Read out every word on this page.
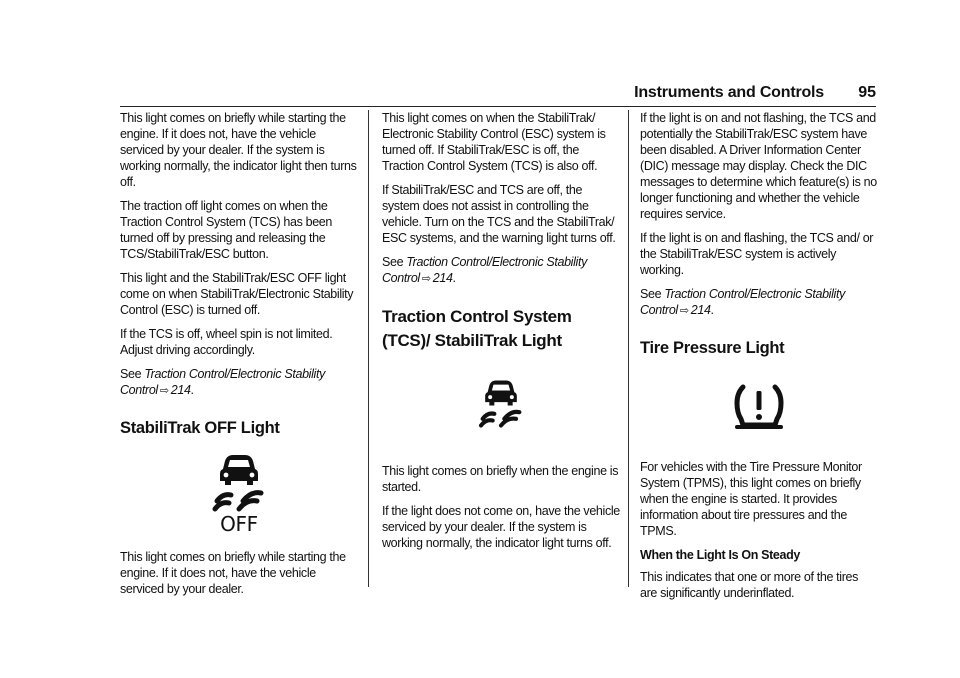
Instruments and Controls 95

This light comes on briefly while starting the engine. If it does not, have the vehicle serviced by your dealer. If the system is working normally, the indicator light then turns off.

The traction off light comes on when the Traction Control System (TCS) has been turned off by pressing and releasing the TCS/StabiliTrak/ESC button.

This light and the StabiliTrak/ESC OFF light come on when StabiliTrak/Electronic Stability Control (ESC) is turned off.

If the TCS is off, wheel spin is not limited. Adjust driving accordingly.

See Traction Control/Electronic Stability Control ⇨ 214.

StabiliTrak OFF Light
OFF

This light comes on briefly while starting the engine. If it does not, have the vehicle serviced by your dealer.

This light comes on when the StabiliTrak/ Electronic Stability Control (ESC) system is turned off. If StabiliTrak/ESC is off, the Traction Control System (TCS) is also off.

If StabiliTrak/ESC and TCS are off, the system does not assist in controlling the vehicle. Turn on the TCS and the StabiliTrak/ ESC systems, and the warning light turns off.

See Traction Control/Electronic Stability Control ⇨ 214.

Traction Control System (TCS)/ StabiliTrak Light

This light comes on briefly when the engine is started.

If the light does not come on, have the vehicle serviced by your dealer. If the system is working normally, the indicator light turns off.

If the light is on and not flashing, the TCS and potentially the StabiliTrak/ESC system have been disabled. A Driver Information Center (DIC) message may display. Check the DIC messages to determine which feature(s) is no longer functioning and whether the vehicle requires service.

If the light is on and flashing, the TCS and/ or the StabiliTrak/ESC system is actively working.

See Traction Control/Electronic Stability Control ⇨ 214.

Tire Pressure Light

For vehicles with the Tire Pressure Monitor System (TPMS), this light comes on briefly when the engine is started. It provides information about tire pressures and the TPMS.

When the Light Is On Steady

This indicates that one or more of the tires are significantly underinflated.
